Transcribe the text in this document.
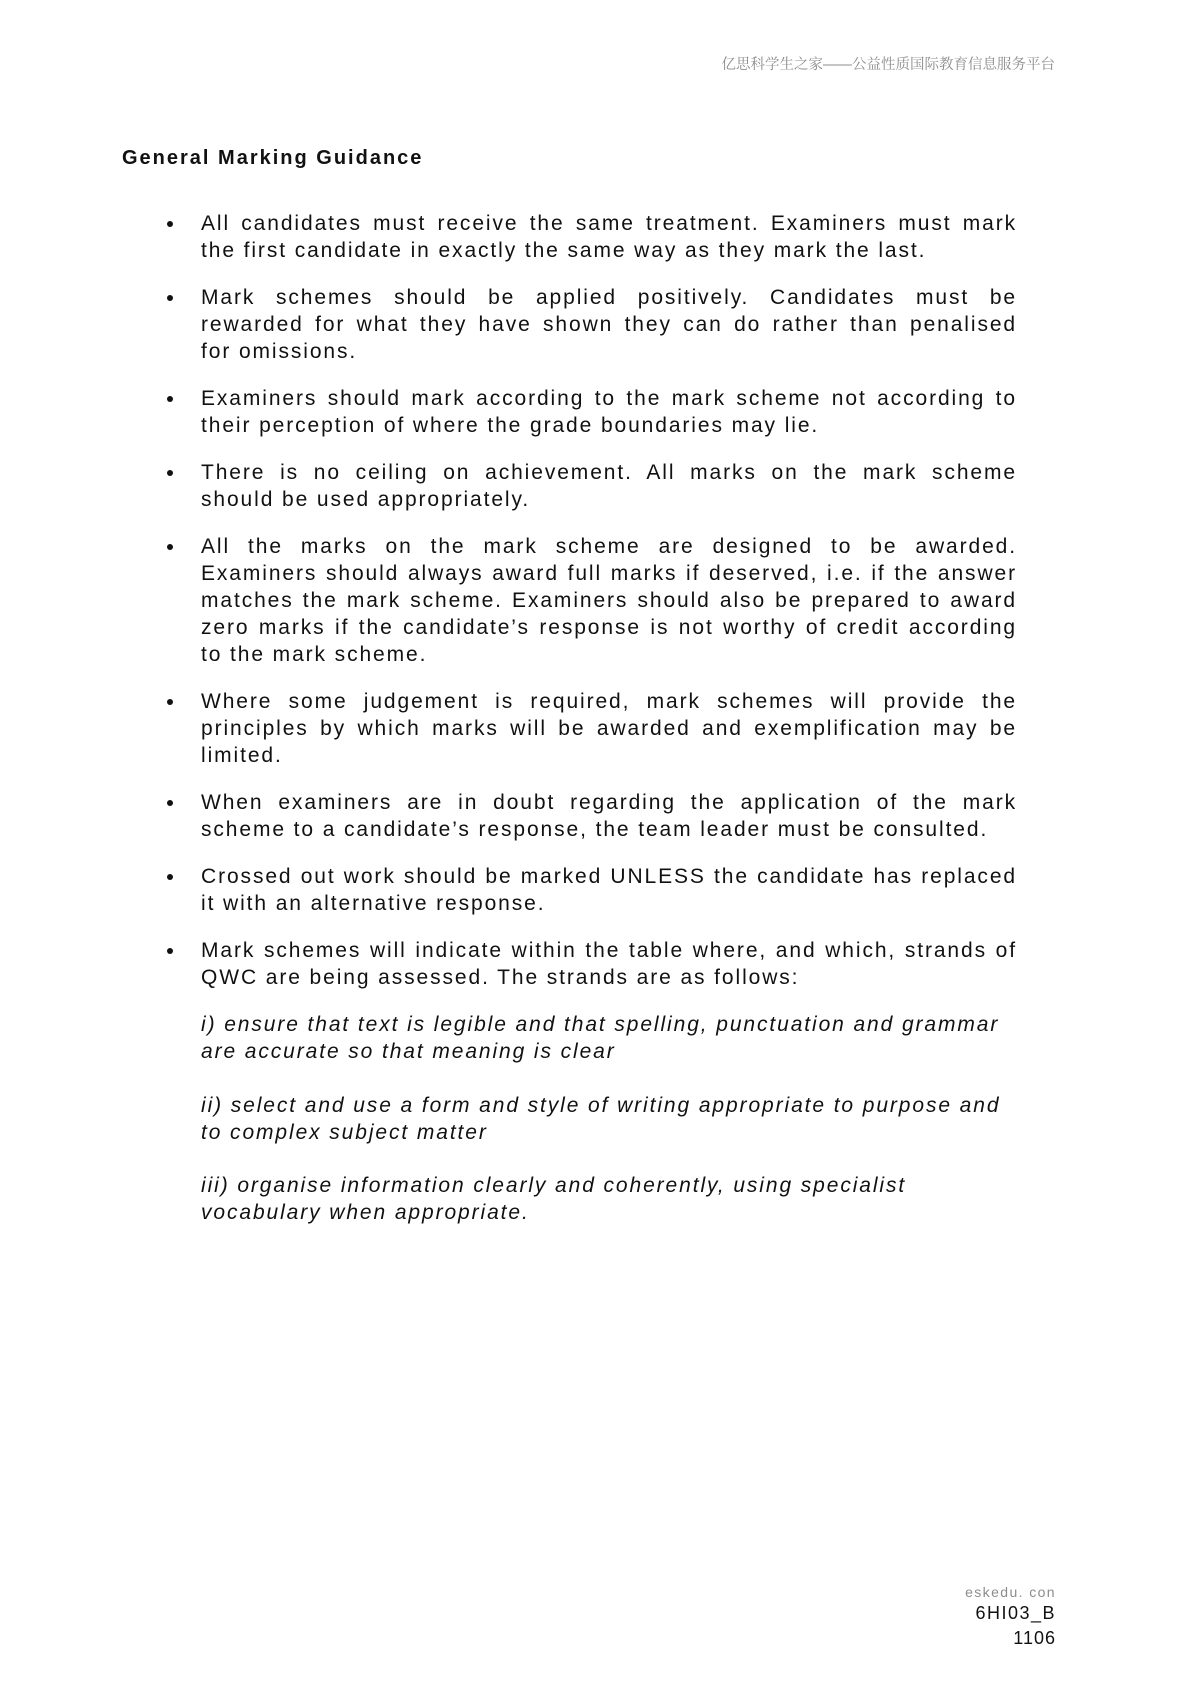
亿思科学生之家——公益性质国际教育信息服务平台
General Marking Guidance
All candidates must receive the same treatment. Examiners must mark
the first candidate in exactly the same way as they mark the last.
Mark schemes should be applied positively. Candidates must be
rewarded for what they have shown they can do rather than penalised
for omissions.
Examiners should mark according to the mark scheme not according to
their perception of where the grade boundaries may lie.
There is no ceiling on achievement. All marks on the mark scheme
should be used appropriately.
All the marks on the mark scheme are designed to be awarded.
Examiners should always award full marks if deserved, i.e. if the answer
matches the mark scheme. Examiners should also be prepared to award
zero marks if the candidate’s response is not worthy of credit according
to the mark scheme.
Where some judgement is required, mark schemes will provide the
principles by which marks will be awarded and exemplification may be
limited.
When examiners are in doubt regarding the application of the mark
scheme to a candidate’s response, the team leader must be consulted.
Crossed out work should be marked UNLESS the candidate has replaced
it with an alternative response.
Mark schemes will indicate within the table where, and which, strands of
QWC are being assessed. The strands are as follows:
i) ensure that text is legible and that spelling, punctuation and grammar
are accurate so that meaning is clear
ii) select and use a form and style of writing appropriate to purpose and
to complex subject matter
iii) organise information clearly and coherently, using specialist
vocabulary when appropriate.
eskedu. con
6HI03_B
1106
